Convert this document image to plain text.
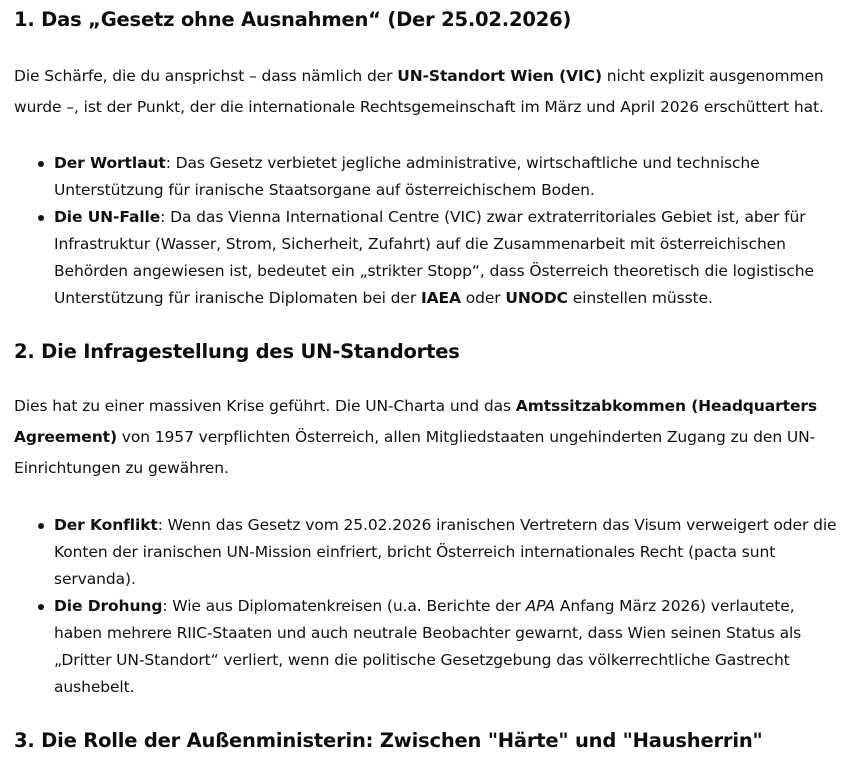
1. Das „Gesetz ohne Ausnahmen“ (Der 25.02.2026)

Die Schärfe, die du ansprichst – dass nämlich der UN-Standort Wien (VIC) nicht explizit ausgenommen wurde –, ist der Punkt, der die internationale Rechtsgemeinschaft im März und April 2026 erschüttert hat.

Der Wortlaut: Das Gesetz verbietet jegliche administrative, wirtschaftliche und technische Unterstützung für iranische Staatsorgane auf österreichischem Boden.
Die UN-Falle: Da das Vienna International Centre (VIC) zwar extraterritoriales Gebiet ist, aber für Infrastruktur (Wasser, Strom, Sicherheit, Zufahrt) auf die Zusammenarbeit mit österreichischen Behörden angewiesen ist, bedeutet ein „strikter Stopp“, dass Österreich theoretisch die logistische Unterstützung für iranische Diplomaten bei der IAEA oder UNODC einstellen müsste.
2. Die Infragestellung des UN-Standortes

Dies hat zu einer massiven Krise geführt. Die UN-Charta und das Amtssitzabkommen (Headquarters Agreement) von 1957 verpflichten Österreich, allen Mitgliedstaaten ungehinderten Zugang zu den UN-Einrichtungen zu gewähren.

Der Konflikt: Wenn das Gesetz vom 25.02.2026 iranischen Vertretern das Visum verweigert oder die Konten der iranischen UN-Mission einfriert, bricht Österreich internationales Recht (pacta sunt servanda).
Die Drohung: Wie aus Diplomatenkreisen (u.a. Berichte der APA Anfang März 2026) verlautete, haben mehrere RIIC-Staaten und auch neutrale Beobachter gewarnt, dass Wien seinen Status als „Dritter UN-Standort“ verliert, wenn die politische Gesetzgebung das völkerrechtliche Gastrecht aushebelt.
3. Die Rolle der Außenministerin: Zwischen "Härte" und "Hausherrin"
